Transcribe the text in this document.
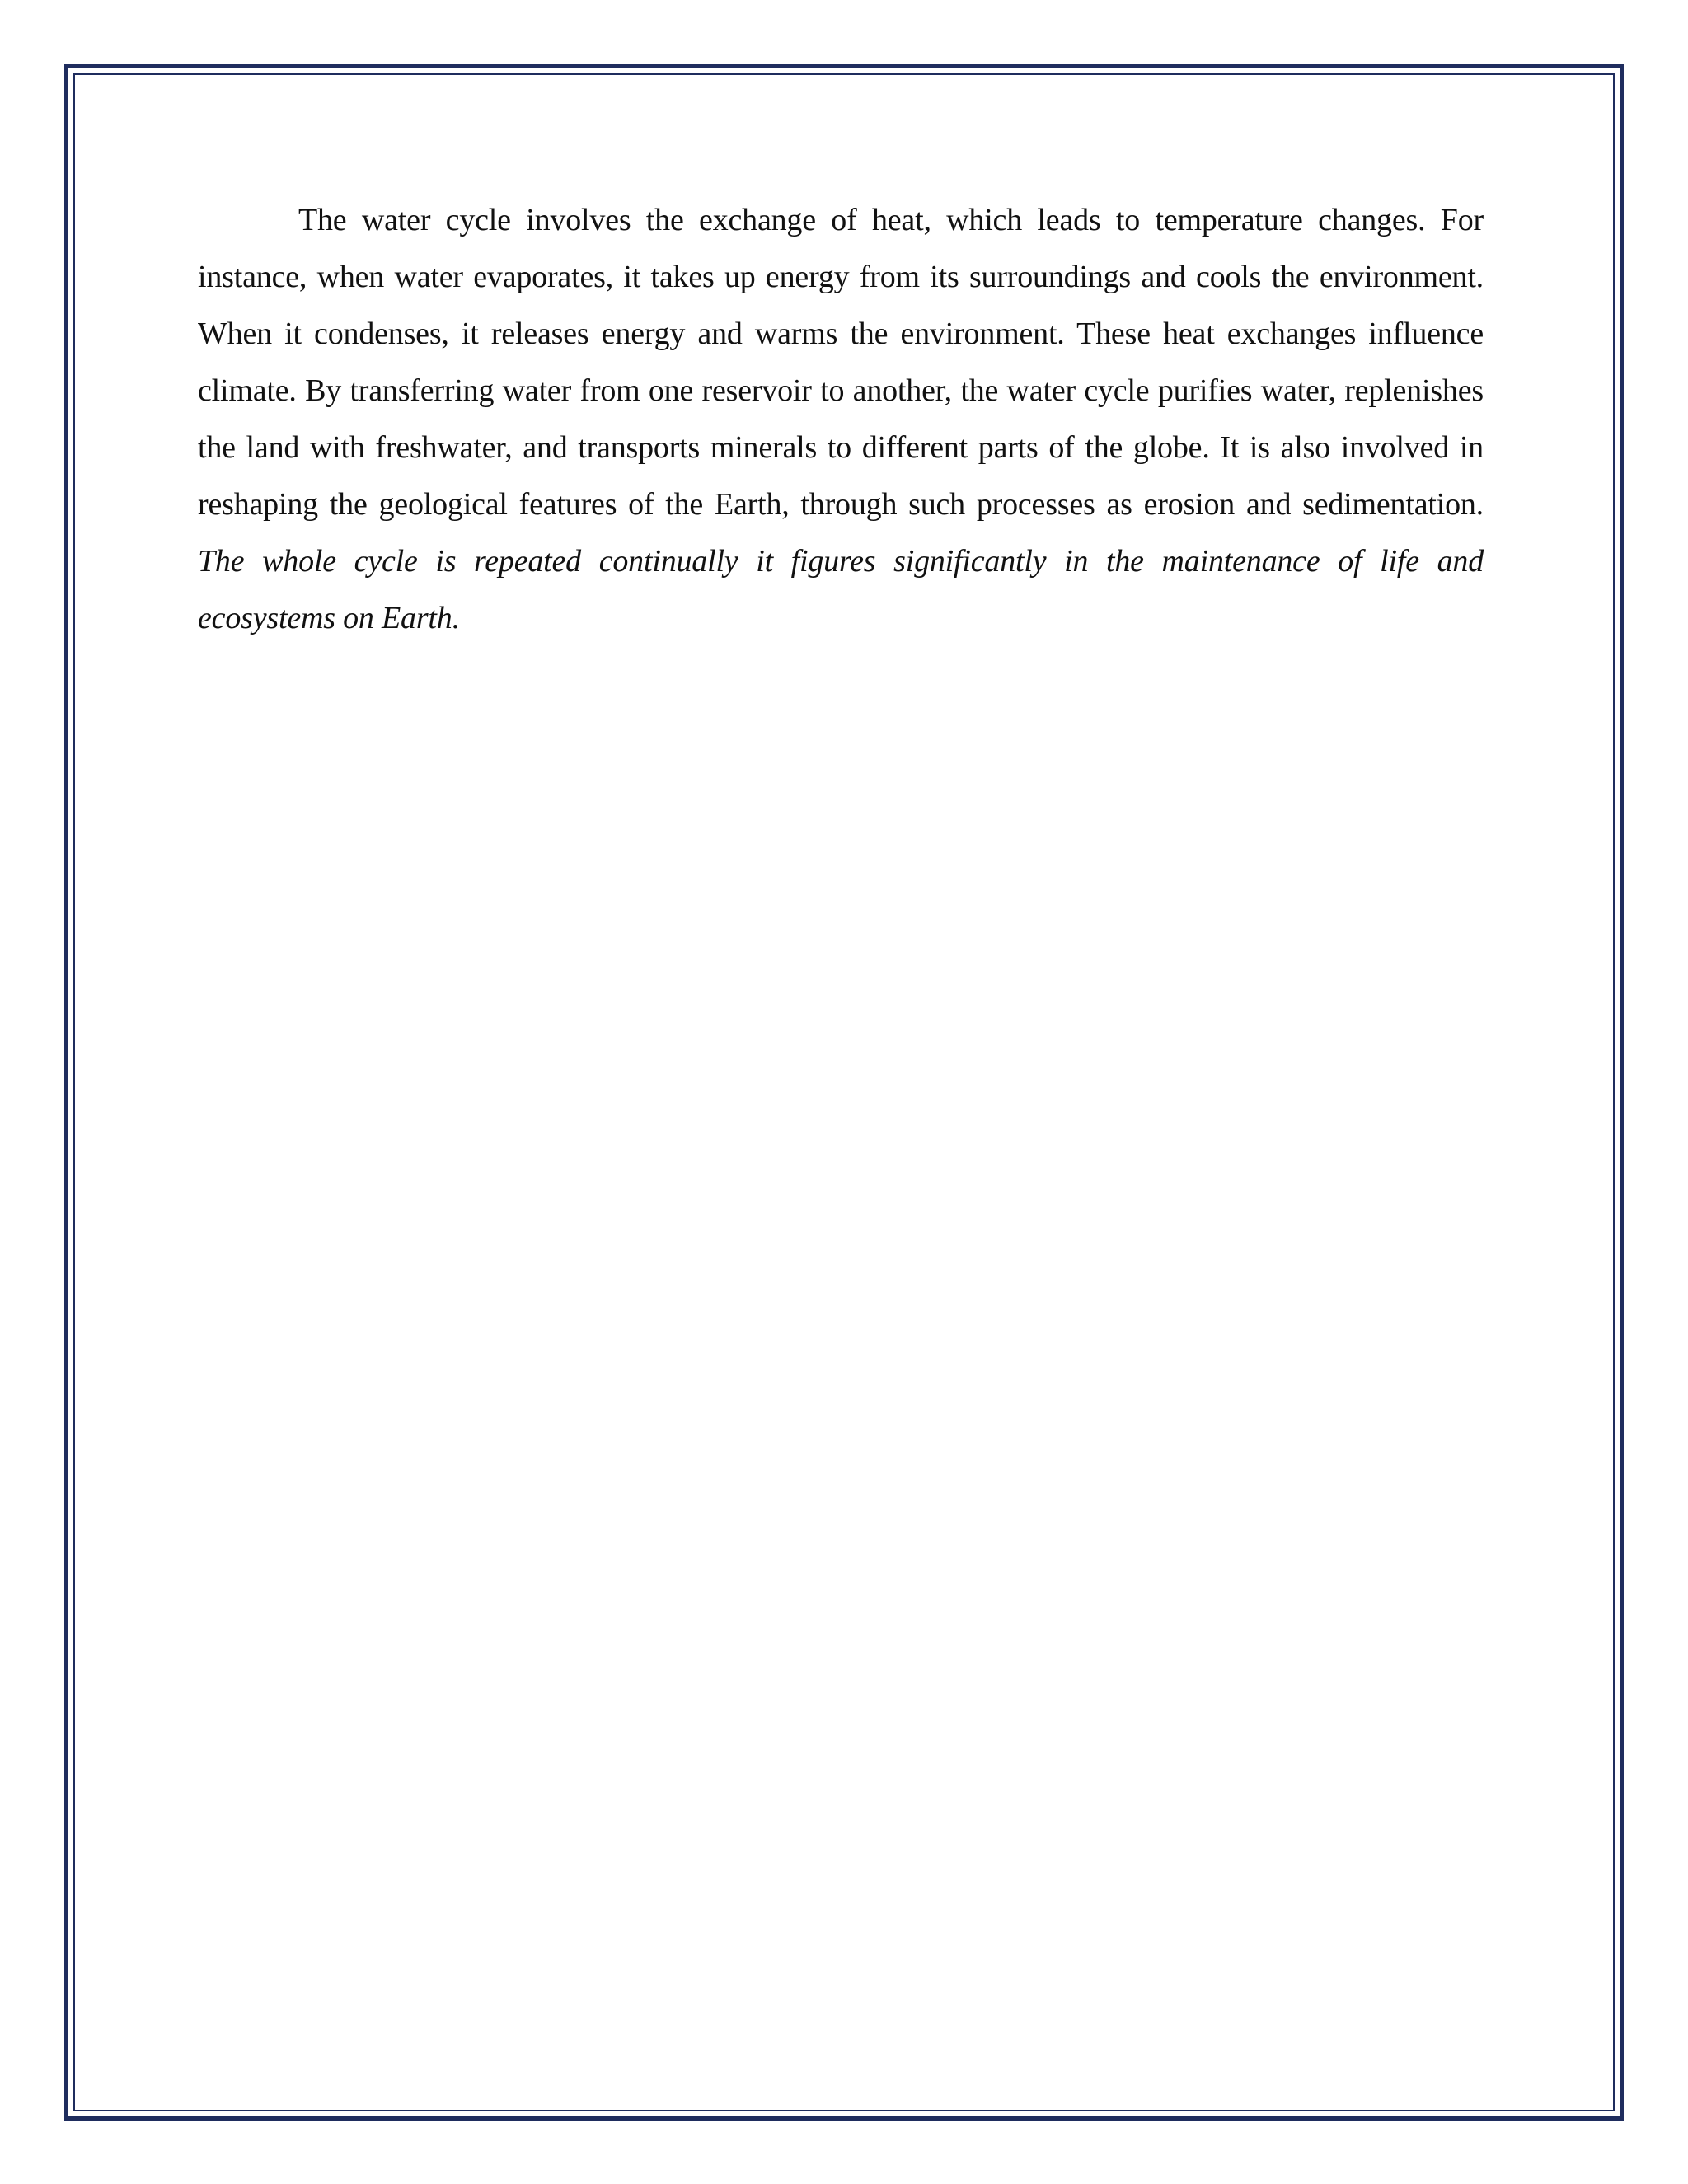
The water cycle involves the exchange of heat, which leads to temperature changes. For instance, when water evaporates, it takes up energy from its surroundings and cools the environment. When it condenses, it releases energy and warms the environment. These heat exchanges influence climate. By transferring water from one reservoir to another, the water cycle purifies water, replenishes the land with freshwater, and transports minerals to different parts of the globe. It is also involved in reshaping the geological features of the Earth, through such processes as erosion and sedimentation. The whole cycle is repeated continually it figures significantly in the maintenance of life and ecosystems on Earth.
